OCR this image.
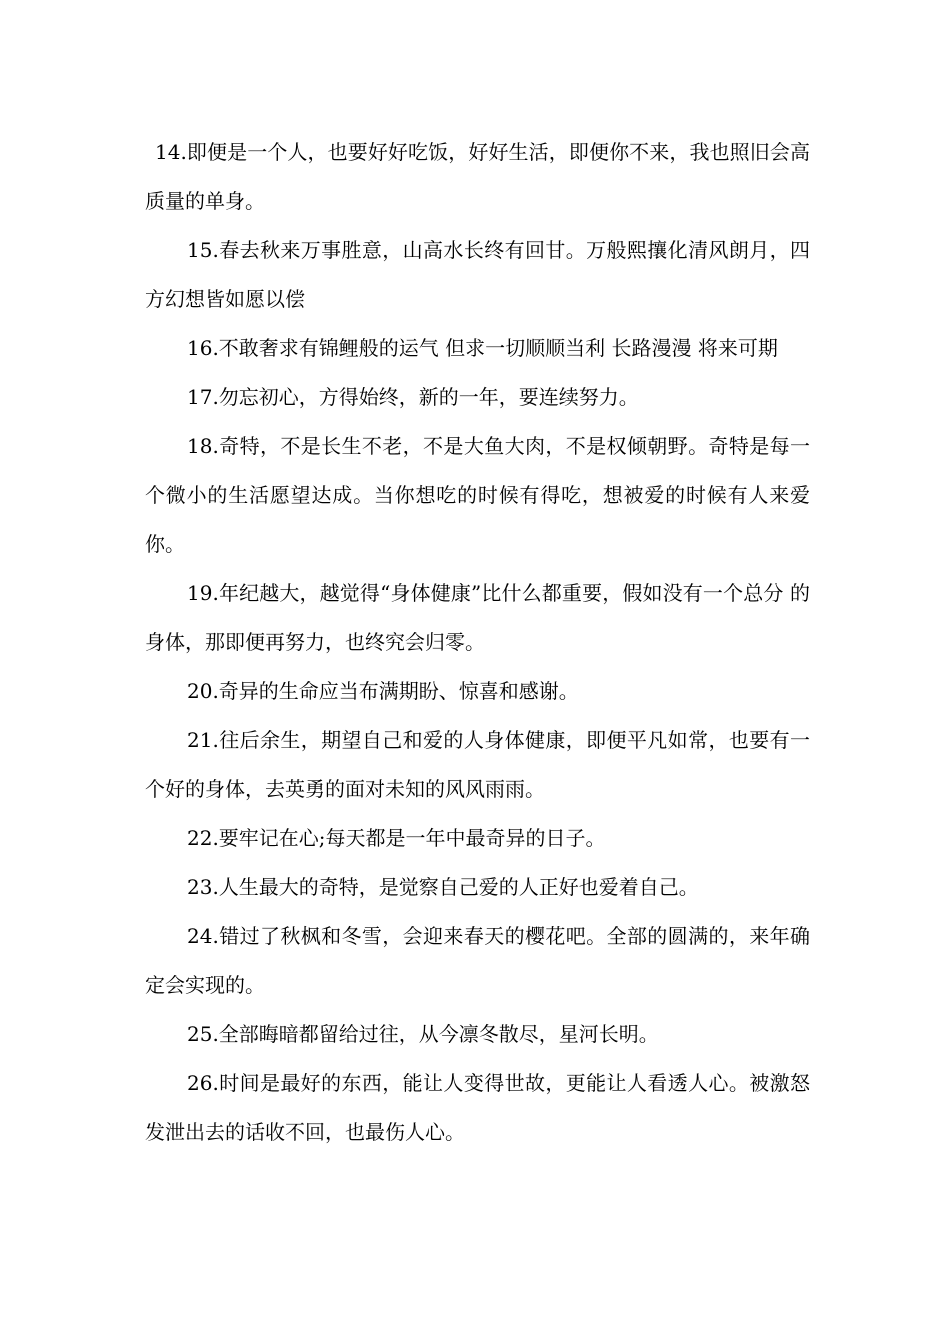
14.即便是一个人，也要好好吃饭，好好生活，即便你不来，我也照旧会高质量的单身。

15.春去秋来万事胜意，山高水长终有回甘。万般熙攘化清风朗月，四方幻想皆如愿以偿

16.不敢奢求有锦鲤般的运气 但求一切顺顺当利 长路漫漫 将来可期

17.勿忘初心，方得始终，新的一年，要连续努力。

18.奇特，不是长生不老，不是大鱼大肉，不是权倾朝野。奇特是每一个微小的生活愿望达成。当你想吃的时候有得吃，想被爱的时候有人来爱你。

19.年纪越大，越觉得“身体健康”比什么都重要，假如没有一个总分 的身体，那即便再努力，也终究会归零。

20.奇异的生命应当布满期盼、惊喜和感谢。

21.往后余生，期望自己和爱的人身体健康，即便平凡如常，也要有一个好的身体，去英勇的面对未知的风风雨雨。

22.要牢记在心;每天都是一年中最奇异的日子。

23.人生最大的奇特，是觉察自己爱的人正好也爱着自己。

24.错过了秋枫和冬雪，会迎来春天的樱花吧。全部的圆满的，来年确定会实现的。

25.全部晦暗都留给过往，从今凛冬散尽，星河长明。

26.时间是最好的东西，能让人变得世故，更能让人看透人心。被激怒发泄出去的话收不回，也最伤人心。
